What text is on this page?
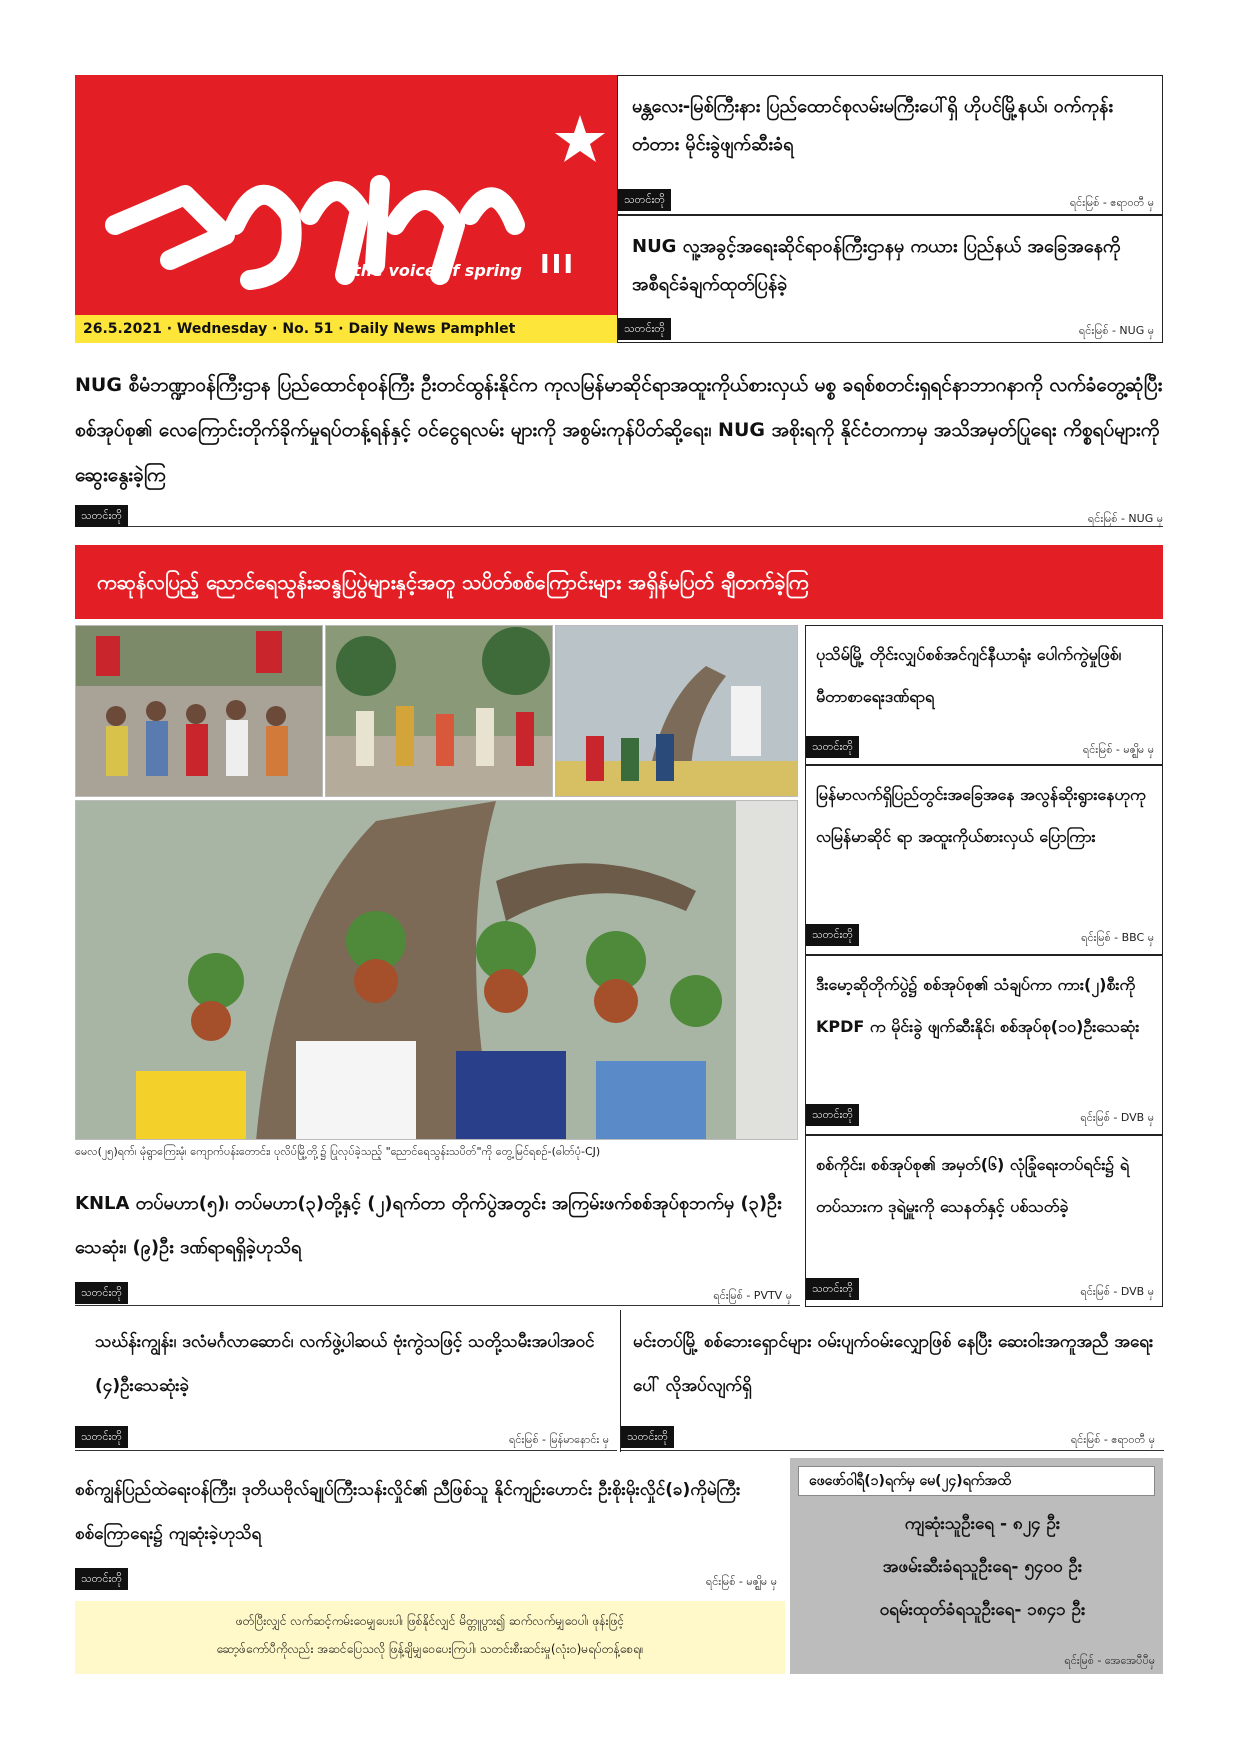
the voice of spring III
26.5.2021 · Wednesday · No. 51 · Daily News Pamphlet
မန္တလေး-မြစ်ကြီးနား ပြည်ထောင်စုလမ်းမကြီးပေါ်ရှိ ဟိုပင်မြို့နယ်၊ ဝက်ကုန်းတံတား မိုင်းခွဲဖျက်ဆီးခံရ
သတင်းတို	ရင်းမြစ် - ဧရာဝတီ မှ
NUG လူ့အခွင့်အရေးဆိုင်ရာဝန်ကြီးဌာနမှ ကယား ပြည်နယ် အခြေအနေကို အစီရင်ခံချက်ထုတ်ပြန်ခဲ့
သတင်းတို	ရင်းမြစ် - NUG မှ
NUG စီမံဘဏ္ဍာဝန်ကြီးဌာန ပြည်ထောင်စုဝန်ကြီး ဦးတင်ထွန်းနိုင်က ကုလမြန်မာဆိုင်ရာအထူးကိုယ်စားလှယ် မစ္စ ခရစ်စတင်းရှရင်နာဘာဂနာကို လက်ခံတွေ့ဆုံပြီး စစ်အုပ်စု၏ လေကြောင်းတိုက်ခိုက်မှုရပ်တန့်ရန်နှင့် ဝင်ငွေရလမ်း များကို အစွမ်းကုန်ပိတ်ဆို့ရေး၊ NUG အစိုးရကို နိုင်ငံတကာမှ အသိအမှတ်ပြုရေး ကိစ္စရပ်များကို ဆွေးနွေးခဲ့ကြ
သတင်းတို	ရင်းမြစ် - NUG မှ
ကဆုန်လပြည့် ညောင်ရေသွန်းဆန္ဒပြပွဲများနှင့်အတူ သပိတ်စစ်ကြောင်းများ အရှိန်မပြတ် ချီတက်ခဲ့ကြ
မေလ(၂၅)ရက်၊ မုံရွာကြေးမုံ၊ ကျောက်ပန်းတောင်း၊ ပုလိပ်မြို့တို့၌ ပြုလုပ်ခဲ့သည့် "ညောင်ရေသွန်းသပိတ်"ကို တွေ့မြင်ရစဉ်-(ဓါတ်ပုံ-CJ)
ပုသိမ်မြို့ တိုင်းလျှပ်စစ်အင်ဂျင်နီယာရုံး ပေါက်ကွဲမှုဖြစ်၊ မီတာစာရေးဒဏ်ရာရ
သတင်းတို	ရင်းမြစ် - မဇ္ဈိမ မှ
မြန်မာလက်ရှိပြည်တွင်းအခြေအနေ အလွန်ဆိုးရွားနေဟုကုလမြန်မာဆိုင် ရာ အထူးကိုယ်စားလှယ် ပြောကြား
သတင်းတို	ရင်းမြစ် - BBC မှ
ဒီးမော့ဆိုတိုက်ပွဲ၌ စစ်အုပ်စု၏ သံချပ်ကာ ကား(၂)စီးကို KPDF က မိုင်းခွဲ ဖျက်ဆီးနိုင်၊ စစ်အုပ်စု(၁၀)ဦးသေဆုံး
သတင်းတို	ရင်းမြစ် - DVB မှ
စစ်ကိုင်း၊ စစ်အုပ်စု၏ အမှတ်(၆) လုံခြုံရေးတပ်ရင်း၌ ရဲတပ်သားက ဒုရဲမှူးကို သေနတ်နှင့် ပစ်သတ်ခဲ့
သတင်းတို	ရင်းမြစ် - DVB မှ
KNLA တပ်မဟာ(၅)၊ တပ်မဟာ(၃)တို့နှင့် (၂)ရက်တာ တိုက်ပွဲအတွင်း အကြမ်းဖက်စစ်အုပ်စုဘက်မှ (၃)ဦးသေဆုံး၊ (၉)ဦး ဒဏ်ရာရရှိခဲ့ဟုသိရ
သတင်းတို	ရင်းမြစ် - PVTV မှ
သဃ်န်းကျွန်း၊ ဒလံမင်္ဂလာဆောင်၊ လက်ဖွဲ့ပါဆယ် ဗုံးကွဲသဖြင့် သတို့သမီးအပါအဝင် (၄)ဦးသေဆုံးခဲ့
သတင်းတို	ရင်းမြစ် - မြန်မာနောင်း မှ
မင်းတပ်မြို့ စစ်ဘေးရှောင်များ ဝမ်းပျက်ဝမ်းလျှောဖြစ် နေပြီး ဆေးဝါးအကူအညီ အရေးပေါ် လိုအပ်လျက်ရှိ
သတင်းတို	ရင်းမြစ် - ဧရာဝတီ မှ
စစ်ကျွန်ပြည်ထဲရေးဝန်ကြီး၊ ဒုတိယဗိုလ်ချုပ်ကြီးသန်းလှိုင်၏ ညီဖြစ်သူ နိုင်ကျဉ်းဟောင်း ဦးစိုးမိုးလှိုင်(ခ)ကိုမဲကြီး စစ်ကြောရေး၌ ကျဆုံးခဲ့ဟုသိရ
သတင်းတို	ရင်းမြစ် - မဇ္ဈိမ မှ
ဖေဖော်ဝါရီ(၁)ရက်မှ မေ(၂၄)ရက်အထိ
ကျဆုံးသူဦးရေ - ၈၂၄ ဦး
အဖမ်းဆီးခံရသူဦးရေ- ၅၄၀၀ ဦး
ဝရမ်းထုတ်ခံရသူဦးရေ- ၁၈၄၁ ဦး
ရင်းမြစ် - အေအေပီပီမှ
ဖတ်ပြီးလျှင် လက်ဆင့်ကမ်းဝေမျှပေးပါ၊ ဖြစ်နိုင်လျှင် မိတ္တူပွား၍ ဆက်လက်မျှဝေပါ၊ ဖုန်းဖြင့်
ဆော့ဖ်ကော်ပီကိုလည်း အဆင်ပြေသလို ဖြန့်ချိမျှဝေပေးကြပါ၊ သတင်းစီးဆင်းမှု(လုံး၀)မရပ်တန့်စေရ။
